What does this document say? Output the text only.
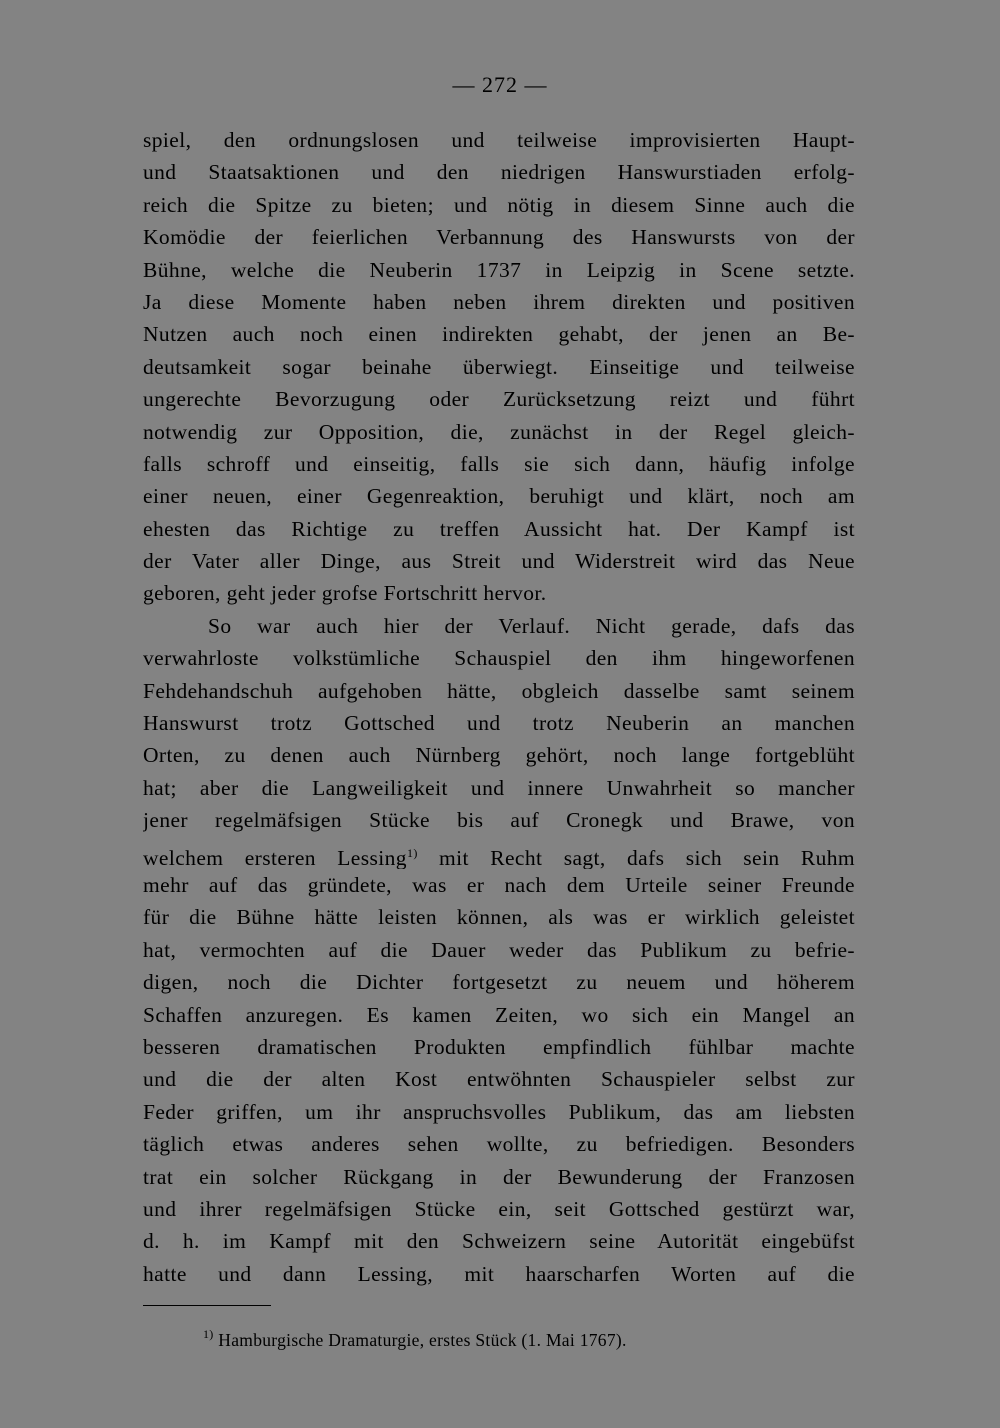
— 272 —
spiel, den ordnungslosen und teilweise improvisierten Haupt-
und Staatsaktionen und den niedrigen Hanswurstiaden erfolg-
reich die Spitze zu bieten; und nötig in diesem Sinne auch die
Komödie der feierlichen Verbannung des Hanswursts von der
Bühne, welche die Neuberin 1737 in Leipzig in Scene setzte.
Ja diese Momente haben neben ihrem direkten und positiven
Nutzen auch noch einen indirekten gehabt, der jenen an Be-
deutsamkeit sogar beinahe überwiegt. Einseitige und teilweise
ungerechte Bevorzugung oder Zurücksetzung reizt und führt
notwendig zur Opposition, die, zunächst in der Regel gleich-
falls schroff und einseitig, falls sie sich dann, häufig infolge
einer neuen, einer Gegenreaktion, beruhigt und klärt, noch am
ehesten das Richtige zu treffen Aussicht hat. Der Kampf ist
der Vater aller Dinge, aus Streit und Widerstreit wird das Neue
geboren, geht jeder grofse Fortschritt hervor.
So war auch hier der Verlauf. Nicht gerade, dafs das
verwahrloste volkstümliche Schauspiel den ihm hingeworfenen
Fehdehandschuh aufgehoben hätte, obgleich dasselbe samt seinem
Hanswurst trotz Gottsched und trotz Neuberin an manchen
Orten, zu denen auch Nürnberg gehört, noch lange fortgeblüht
hat; aber die Langweiligkeit und innere Unwahrheit so mancher
jener regelmäfsigen Stücke bis auf Cronegk und Brawe, von
welchem ersteren Lessing$^{1)}$ mit Recht sagt, dafs sich sein Ruhm
mehr auf das gründete, was er nach dem Urteile seiner Freunde
für die Bühne hätte leisten können, als was er wirklich geleistet
hat, vermochten auf die Dauer weder das Publikum zu befrie-
digen, noch die Dichter fortgesetzt zu neuem und höherem
Schaffen anzuregen. Es kamen Zeiten, wo sich ein Mangel an
besseren dramatischen Produkten empfindlich fühlbar machte
und die der alten Kost entwöhnten Schauspieler selbst zur
Feder griffen, um ihr anspruchsvolles Publikum, das am liebsten
täglich etwas anderes sehen wollte, zu befriedigen. Besonders
trat ein solcher Rückgang in der Bewunderung der Franzosen
und ihrer regelmäfsigen Stücke ein, seit Gottsched gestürzt war,
d. h. im Kampf mit den Schweizern seine Autorität eingebüfst
hatte und dann Lessing, mit haarscharfen Worten auf die
$^{1)}$ Hamburgische Dramaturgie, erstes Stück (1. Mai 1767).
